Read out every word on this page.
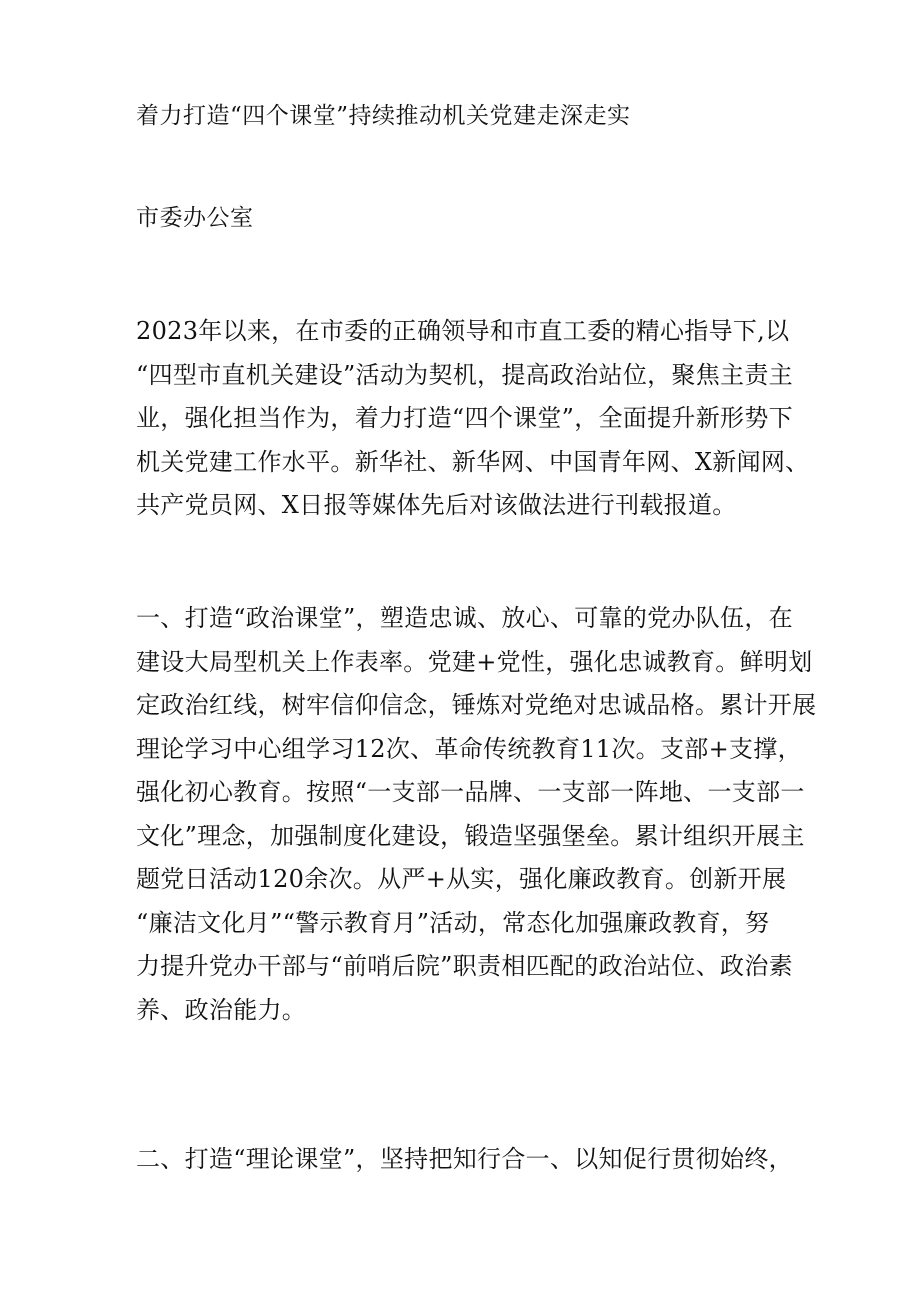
着力打造“四个课堂”持续推动机关党建走深走实
市委办公室

2023年以来，在市委的正确领导和市直工委的精心指导下,以
“四型市直机关建设”活动为契机，提高政治站位，聚焦主责主
业，强化担当作为，着力打造“四个课堂”，全面提升新形势下
机关党建工作水平。新华社、新华网、中国青年网、X新闻网、
共产党员网、X日报等媒体先后对该做法进行刊载报道。

一、打造“政治课堂”，塑造忠诚、放心、可靠的党办队伍，在
建设大局型机关上作表率。党建+党性，强化忠诚教育。鲜明划
定政治红线，树牢信仰信念，锤炼对党绝对忠诚品格。累计开展
理论学习中心组学习12次、革命传统教育11次。支部+支撑，
强化初心教育。按照“一支部一品牌、一支部一阵地、一支部一
文化”理念，加强制度化建设，锻造坚强堡垒。累计组织开展主
题党日活动120余次。从严+从实，强化廉政教育。创新开展
“廉洁文化月”“警示教育月”活动，常态化加强廉政教育，努
力提升党办干部与“前哨后院”职责相匹配的政治站位、政治素
养、政治能力。

二、打造“理论课堂”，坚持把知行合一、以知促行贯彻始终，
